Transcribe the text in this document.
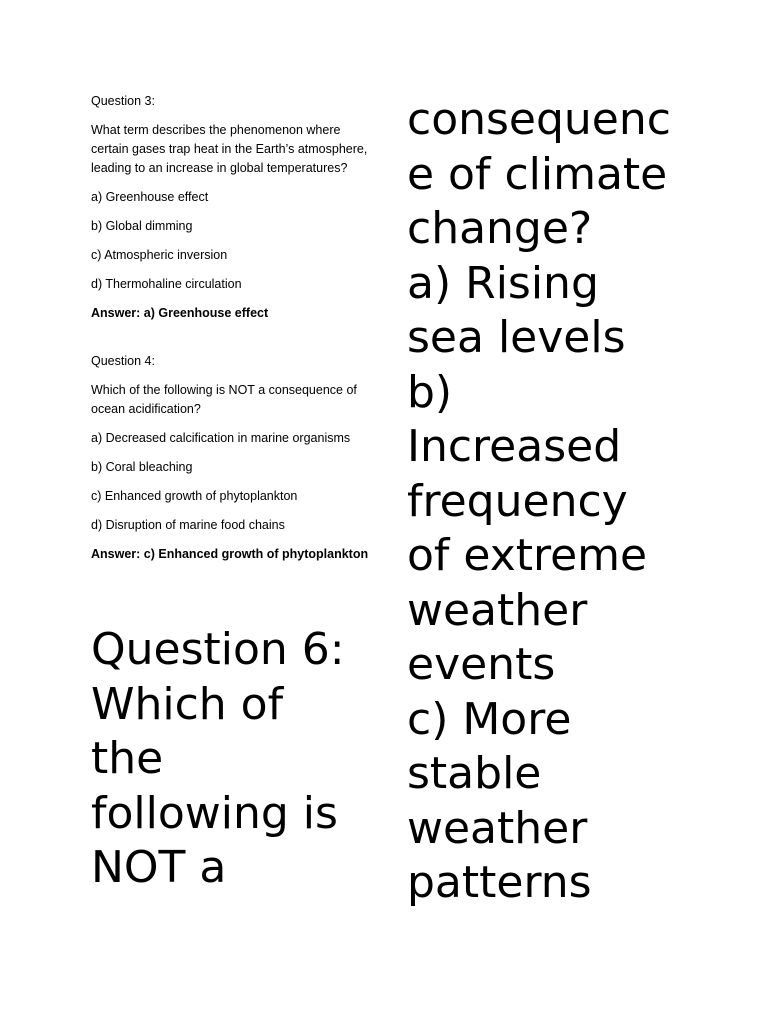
Question 3:

What term describes the phenomenon where certain gases trap heat in the Earth’s atmosphere, leading to an increase in global temperatures?

a) Greenhouse effect

b) Global dimming

c) Atmospheric inversion

d) Thermohaline circulation

Answer: a) Greenhouse effect

Question 4:

Which of the following is NOT a consequence of ocean acidification?

a) Decreased calcification in marine organisms

b) Coral bleaching

c) Enhanced growth of phytoplankton

d) Disruption of marine food chains

Answer: c) Enhanced growth of phytoplankton

Question 6:
Which of
the
following is
NOT a
consequenc
e of climate
change?
a) Rising
sea levels
b)
Increased
frequency
of extreme
weather
events
c) More
stable
weather
patterns
